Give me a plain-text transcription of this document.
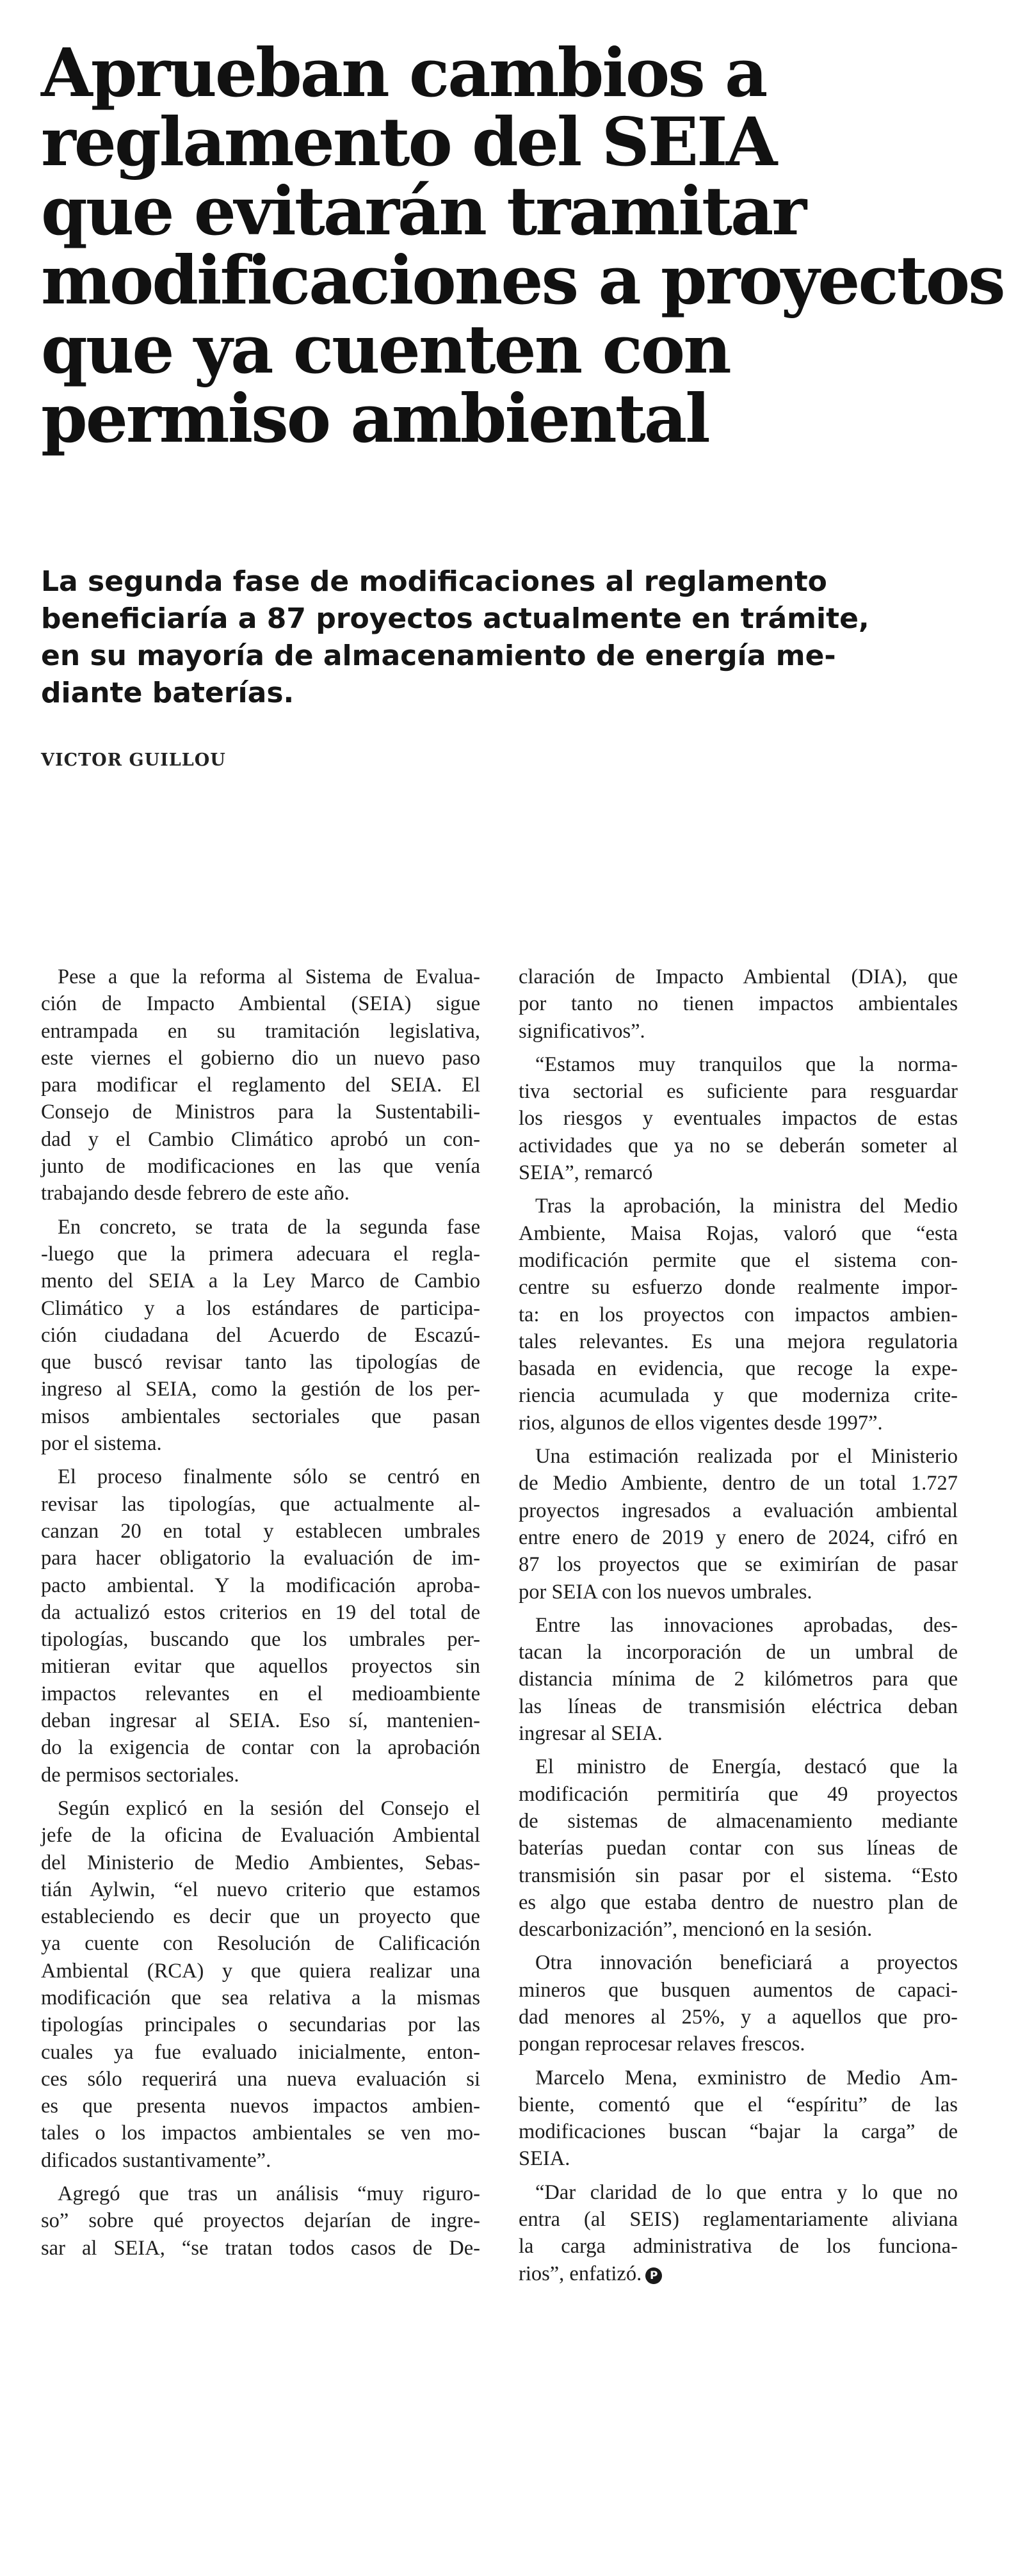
Aprueban cambios a
reglamento del SEIA
que evitarán tramitar
modificaciones a proyectos
que ya cuenten con
permiso ambiental
La segunda fase de modificaciones al reglamento
beneficiaría a 87 proyectos actualmente en trámite,
en su mayoría de almacenamiento de energía me-
diante baterías.

VICTOR GUILLOU

Pese a que la reforma al Sistema de Evalua-
ción de Impacto Ambiental (SEIA) sigue
entrampada en su tramitación legislativa,
este viernes el gobierno dio un nuevo paso
para modificar el reglamento del SEIA. El
Consejo de Ministros para la Sustentabili-
dad y el Cambio Climático aprobó un con-
junto de modificaciones en las que venía
trabajando desde febrero de este año.

En concreto, se trata de la segunda fase
-luego que la primera adecuara el regla-
mento del SEIA a la Ley Marco de Cambio
Climático y a los estándares de participa-
ción ciudadana del Acuerdo de Escazú-
que buscó revisar tanto las tipologías de
ingreso al SEIA, como la gestión de los per-
misos ambientales sectoriales que pasan
por el sistema.

El proceso finalmente sólo se centró en
revisar las tipologías, que actualmente al-
canzan 20 en total y establecen umbrales
para hacer obligatorio la evaluación de im-
pacto ambiental. Y la modificación aproba-
da actualizó estos criterios en 19 del total de
tipologías, buscando que los umbrales per-
mitieran evitar que aquellos proyectos sin
impactos relevantes en el medioambiente
deban ingresar al SEIA. Eso sí, mantenien-
do la exigencia de contar con la aprobación
de permisos sectoriales.

Según explicó en la sesión del Consejo el
jefe de la oficina de Evaluación Ambiental
del Ministerio de Medio Ambientes, Sebas-
tián Aylwin, “el nuevo criterio que estamos
estableciendo es decir que un proyecto que
ya cuente con Resolución de Calificación
Ambiental (RCA) y que quiera realizar una
modificación que sea relativa a la mismas
tipologías principales o secundarias por las
cuales ya fue evaluado inicialmente, enton-
ces sólo requerirá una nueva evaluación si
es que presenta nuevos impactos ambien-
tales o los impactos ambientales se ven mo-
dificados sustantivamente”.

Agregó que tras un análisis “muy riguro-
so” sobre qué proyectos dejarían de ingre-
sar al SEIA, “se tratan todos casos de De-

claración de Impacto Ambiental (DIA), que
por tanto no tienen impactos ambientales
significativos”.

“Estamos muy tranquilos que la norma-
tiva sectorial es suficiente para resguardar
los riesgos y eventuales impactos de estas
actividades que ya no se deberán someter al
SEIA”, remarcó

Tras la aprobación, la ministra del Medio
Ambiente, Maisa Rojas, valoró que “esta
modificación permite que el sistema con-
centre su esfuerzo donde realmente impor-
ta: en los proyectos con impactos ambien-
tales relevantes. Es una mejora regulatoria
basada en evidencia, que recoge la expe-
riencia acumulada y que moderniza crite-
rios, algunos de ellos vigentes desde 1997”.

Una estimación realizada por el Ministerio
de Medio Ambiente, dentro de un total 1.727
proyectos ingresados a evaluación ambiental
entre enero de 2019 y enero de 2024, cifró en
87 los proyectos que se eximirían de pasar
por SEIA con los nuevos umbrales.

Entre las innovaciones aprobadas, des-
tacan la incorporación de un umbral de
distancia mínima de 2 kilómetros para que
las líneas de transmisión eléctrica deban
ingresar al SEIA.

El ministro de Energía, destacó que la
modificación permitiría que 49 proyectos
de sistemas de almacenamiento mediante
baterías puedan contar con sus líneas de
transmisión sin pasar por el sistema. “Esto
es algo que estaba dentro de nuestro plan de
descarbonización”, mencionó en la sesión.

Otra innovación beneficiará a proyectos
mineros que busquen aumentos de capaci-
dad menores al 25%, y a aquellos que pro-
pongan reprocesar relaves frescos.

Marcelo Mena, exministro de Medio Am-
biente, comentó que el “espíritu” de las
modificaciones buscan “bajar la carga” de
SEIA.

“Dar claridad de lo que entra y lo que no
entra (al SEIS) reglamentariamente aliviana
la carga administrativa de los funciona-
rios”, enfatizó. P
